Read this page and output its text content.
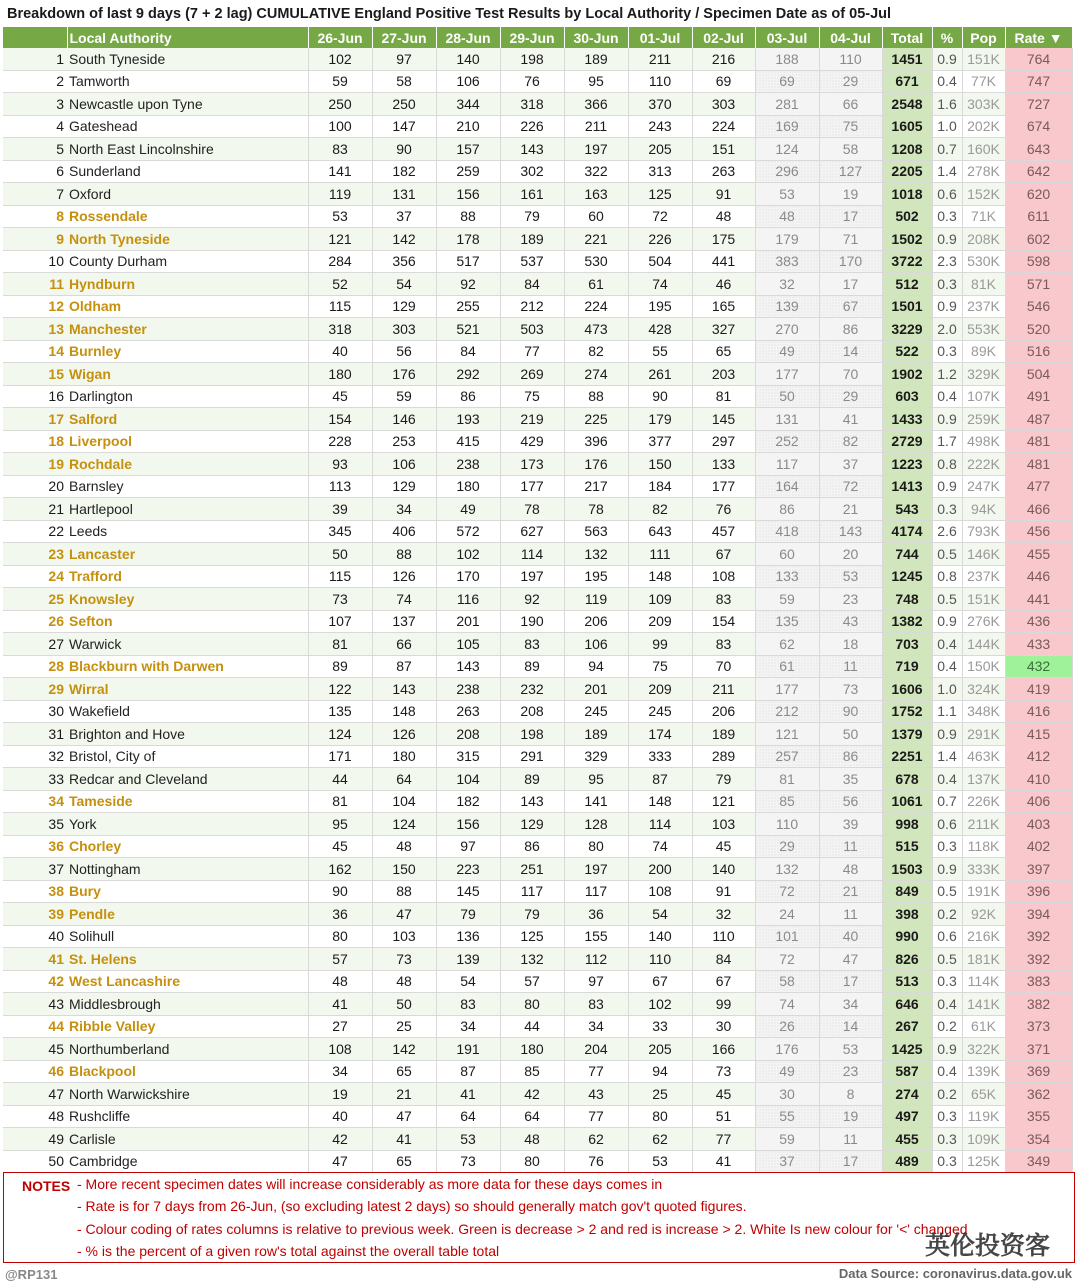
Breakdown of last 9 days (7 + 2 lag) CUMULATIVE England Positive Test Results by Local Authority / Specimen Date as of 05-Jul
	Local Authority	26-Jun	27-Jun	28-Jun	29-Jun	30-Jun	01-Jul	02-Jul	03-Jul	04-Jul	Total	%	Pop	Rate ▼
1	South Tyneside	102	97	140	198	189	211	216	188	110	1451	0.9	151K	764
2	Tamworth	59	58	106	76	95	110	69	69	29	671	0.4	77K	747
3	Newcastle upon Tyne	250	250	344	318	366	370	303	281	66	2548	1.6	303K	727
4	Gateshead	100	147	210	226	211	243	224	169	75	1605	1.0	202K	674
5	North East Lincolnshire	83	90	157	143	197	205	151	124	58	1208	0.7	160K	643
6	Sunderland	141	182	259	302	322	313	263	296	127	2205	1.4	278K	642
7	Oxford	119	131	156	161	163	125	91	53	19	1018	0.6	152K	620
8	Rossendale	53	37	88	79	60	72	48	48	17	502	0.3	71K	611
9	North Tyneside	121	142	178	189	221	226	175	179	71	1502	0.9	208K	602
10	County Durham	284	356	517	537	530	504	441	383	170	3722	2.3	530K	598
11	Hyndburn	52	54	92	84	61	74	46	32	17	512	0.3	81K	571
12	Oldham	115	129	255	212	224	195	165	139	67	1501	0.9	237K	546
13	Manchester	318	303	521	503	473	428	327	270	86	3229	2.0	553K	520
14	Burnley	40	56	84	77	82	55	65	49	14	522	0.3	89K	516
15	Wigan	180	176	292	269	274	261	203	177	70	1902	1.2	329K	504
16	Darlington	45	59	86	75	88	90	81	50	29	603	0.4	107K	491
17	Salford	154	146	193	219	225	179	145	131	41	1433	0.9	259K	487
18	Liverpool	228	253	415	429	396	377	297	252	82	2729	1.7	498K	481
19	Rochdale	93	106	238	173	176	150	133	117	37	1223	0.8	222K	481
20	Barnsley	113	129	180	177	217	184	177	164	72	1413	0.9	247K	477
21	Hartlepool	39	34	49	78	78	82	76	86	21	543	0.3	94K	466
22	Leeds	345	406	572	627	563	643	457	418	143	4174	2.6	793K	456
23	Lancaster	50	88	102	114	132	111	67	60	20	744	0.5	146K	455
24	Trafford	115	126	170	197	195	148	108	133	53	1245	0.8	237K	446
25	Knowsley	73	74	116	92	119	109	83	59	23	748	0.5	151K	441
26	Sefton	107	137	201	190	206	209	154	135	43	1382	0.9	276K	436
27	Warwick	81	66	105	83	106	99	83	62	18	703	0.4	144K	433
28	Blackburn with Darwen	89	87	143	89	94	75	70	61	11	719	0.4	150K	432
29	Wirral	122	143	238	232	201	209	211	177	73	1606	1.0	324K	419
30	Wakefield	135	148	263	208	245	245	206	212	90	1752	1.1	348K	416
31	Brighton and Hove	124	126	208	198	189	174	189	121	50	1379	0.9	291K	415
32	Bristol, City of	171	180	315	291	329	333	289	257	86	2251	1.4	463K	412
33	Redcar and Cleveland	44	64	104	89	95	87	79	81	35	678	0.4	137K	410
34	Tameside	81	104	182	143	141	148	121	85	56	1061	0.7	226K	406
35	York	95	124	156	129	128	114	103	110	39	998	0.6	211K	403
36	Chorley	45	48	97	86	80	74	45	29	11	515	0.3	118K	402
37	Nottingham	162	150	223	251	197	200	140	132	48	1503	0.9	333K	397
38	Bury	90	88	145	117	117	108	91	72	21	849	0.5	191K	396
39	Pendle	36	47	79	79	36	54	32	24	11	398	0.2	92K	394
40	Solihull	80	103	136	125	155	140	110	101	40	990	0.6	216K	392
41	St. Helens	57	73	139	132	112	110	84	72	47	826	0.5	181K	392
42	West Lancashire	48	48	54	57	97	67	67	58	17	513	0.3	114K	383
43	Middlesbrough	41	50	83	80	83	102	99	74	34	646	0.4	141K	382
44	Ribble Valley	27	25	34	44	34	33	30	26	14	267	0.2	61K	373
45	Northumberland	108	142	191	180	204	205	166	176	53	1425	0.9	322K	371
46	Blackpool	34	65	87	85	77	94	73	49	23	587	0.4	139K	369
47	North Warwickshire	19	21	41	42	43	25	45	30	8	274	0.2	65K	362
48	Rushcliffe	40	47	64	64	77	80	51	55	19	497	0.3	119K	355
49	Carlisle	42	41	53	48	62	62	77	59	11	455	0.3	109K	354
50	Cambridge	47	65	73	80	76	53	41	37	17	489	0.3	125K	349
NOTES - More recent specimen dates will increase considerably as more data for these days comes in
- Rate is for 7 days from 26-Jun, (so excluding latest 2 days) so should generally match gov't quoted figures.
- Colour coding of rates columns is relative to previous week. Green is decrease > 2 and red is increase > 2. White Is new colour for '<' changed
- % is the percent of a given row's total against the overall table total	英伦投资客
@RP131	Data Source: coronavirus.data.gov.uk
